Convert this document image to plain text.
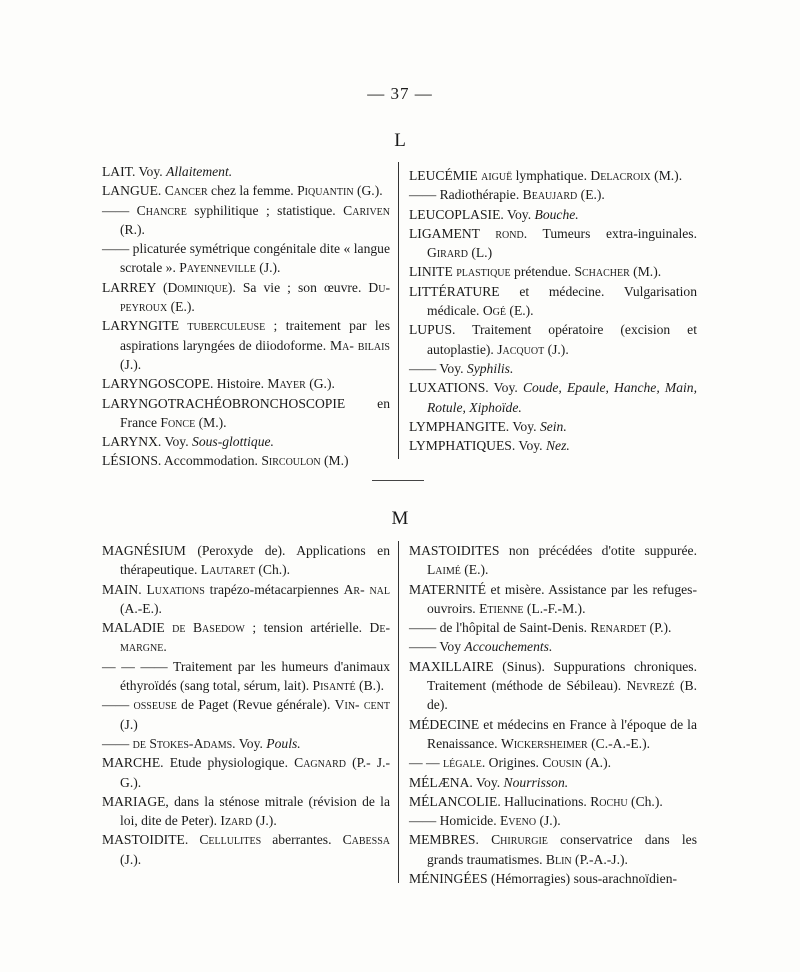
— 37 —
L

LAIT. Voy. Allaitement.

LANGUE. Cancer chez la femme. Piquantin (G.).

—— Chancre syphilitique ; statistique. Cariven (R.).

—— plicaturée symétrique congénitale dite « langue scrotale ». Payenneville (J.).

LARREY (Dominique). Sa vie ; son œuvre. Du- peyroux (E.).

LARYNGITE tuberculeuse ; traitement par les aspirations laryngées de diiodoforme. Ma- bilais (J.).

LARYNGOSCOPE. Histoire. Mayer (G.).

LARYNGOTRACHÉOBRONCHOSCOPIE en France Fonce (M.).

LARYNX. Voy. Sous-glottique.

LÉSIONS. Accommodation. Sircoulon (M.)

LEUCÉMIE aiguë lymphatique. Delacroix (M.).

—— Radiothérapie. Beaujard (E.).

LEUCOPLASIE. Voy. Bouche.

LIGAMENT rond. Tumeurs extra-inguinales. Girard (L.)

LINITE plastique prétendue. Schacher (M.).

LITTÉRATURE et médecine. Vulgarisation médicale. Ogé (E.).

LUPUS. Traitement opératoire (excision et autoplastie). Jacquot (J.).

—— Voy. Syphilis.

LUXATIONS. Voy. Coude, Epaule, Hanche, Main, Rotule, Xiphoïde.

LYMPHANGITE. Voy. Sein.

LYMPHATIQUES. Voy. Nez.

M

MAGNÉSIUM (Peroxyde de). Applications en thérapeutique. Lautaret (Ch.).

MAIN. Luxations trapézo-métacarpiennes Ar- nal (A.-E.).

MALADIE de Basedow ; tension artérielle. De- margne.

— — —— Traitement par les humeurs d'animaux éthyroïdés (sang total, sérum, lait). Pisanté (B.).

—— osseuse de Paget (Revue générale). Vin- cent (J.)

—— de Stokes-Adams. Voy. Pouls.

MARCHE. Etude physiologique. Cagnard (P.- J.-G.).

MARIAGE, dans la sténose mitrale (révision de la loi, dite de Peter). Izard (J.).

MASTOIDITE. Cellulites aberrantes. Cabessa (J.).

MASTOIDITES non précédées d'otite suppurée. Laimé (E.).

MATERNITÉ et misère. Assistance par les refuges-ouvroirs. Etienne (L.-F.-M.).

—— de l'hôpital de Saint-Denis. Renardet (P.).

—— Voy Accouchements.

MAXILLAIRE (Sinus). Suppurations chroniques. Traitement (méthode de Sébileau). Nevrezé (B. de).

MÉDECINE et médecins en France à l'époque de la Renaissance. Wickersheimer (C.-A.-E.).

— — légale. Origines. Cousin (A.).

MÉLÆNA. Voy. Nourrisson.

MÉLANCOLIE. Hallucinations. Rochu (Ch.).

—— Homicide. Eveno (J.).

MEMBRES. Chirurgie conservatrice dans les grands traumatismes. Blin (P.-A.-J.).

MÉNINGÉES (Hémorragies) sous-arachnoïdien-
